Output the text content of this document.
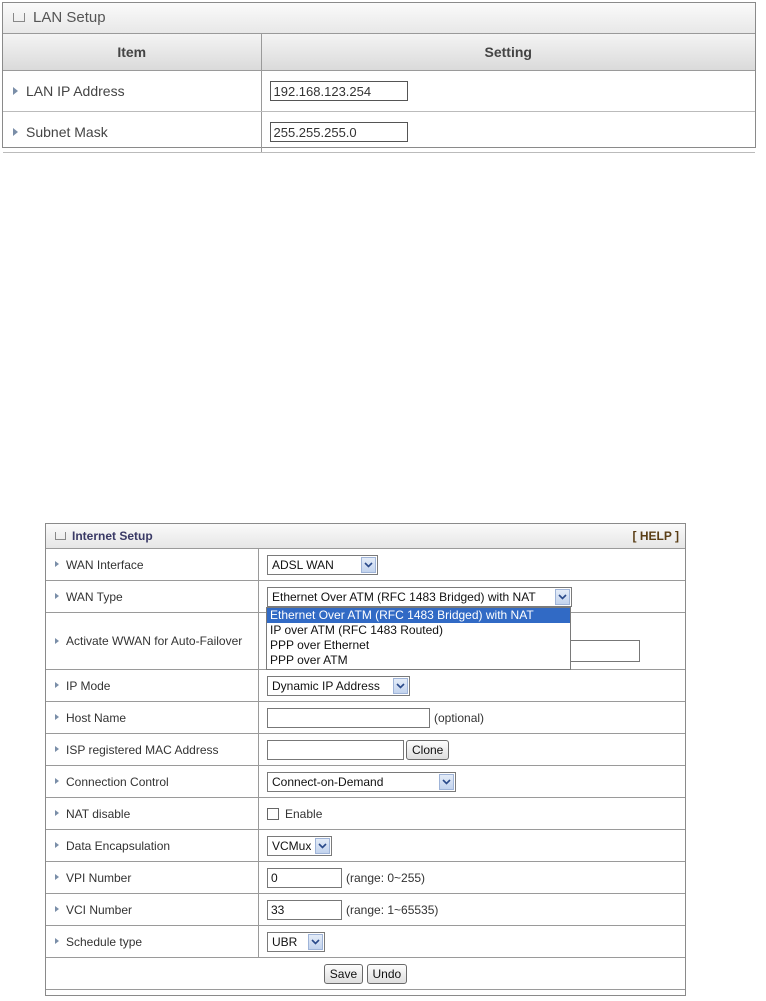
LAN Setup
Item	Setting
LAN IP Address	192.168.123.254
Subnet Mask	255.255.255.0
Internet Setup	[ HELP ]
WAN Interface	ADSL WAN

WAN Type	Ethernet Over ATM (RFC 1483 Bridged) with NAT

Activate WWAN for Auto-Failover	
IP Mode	Dynamic IP Address

Host Name	(optional)
ISP registered MAC Address	Clone
Connection Control	Connect-on-Demand

NAT disable	Enable
Data Encapsulation	VCMux

VPI Number	0(range: 0~255)
VCI Number	33(range: 1~65535)
Schedule type	UBR

Save Undo	
Ethernet Over ATM (RFC 1483 Bridged) with NAT
IP over ATM (RFC 1483 Routed)
PPP over Ethernet
PPP over ATM
